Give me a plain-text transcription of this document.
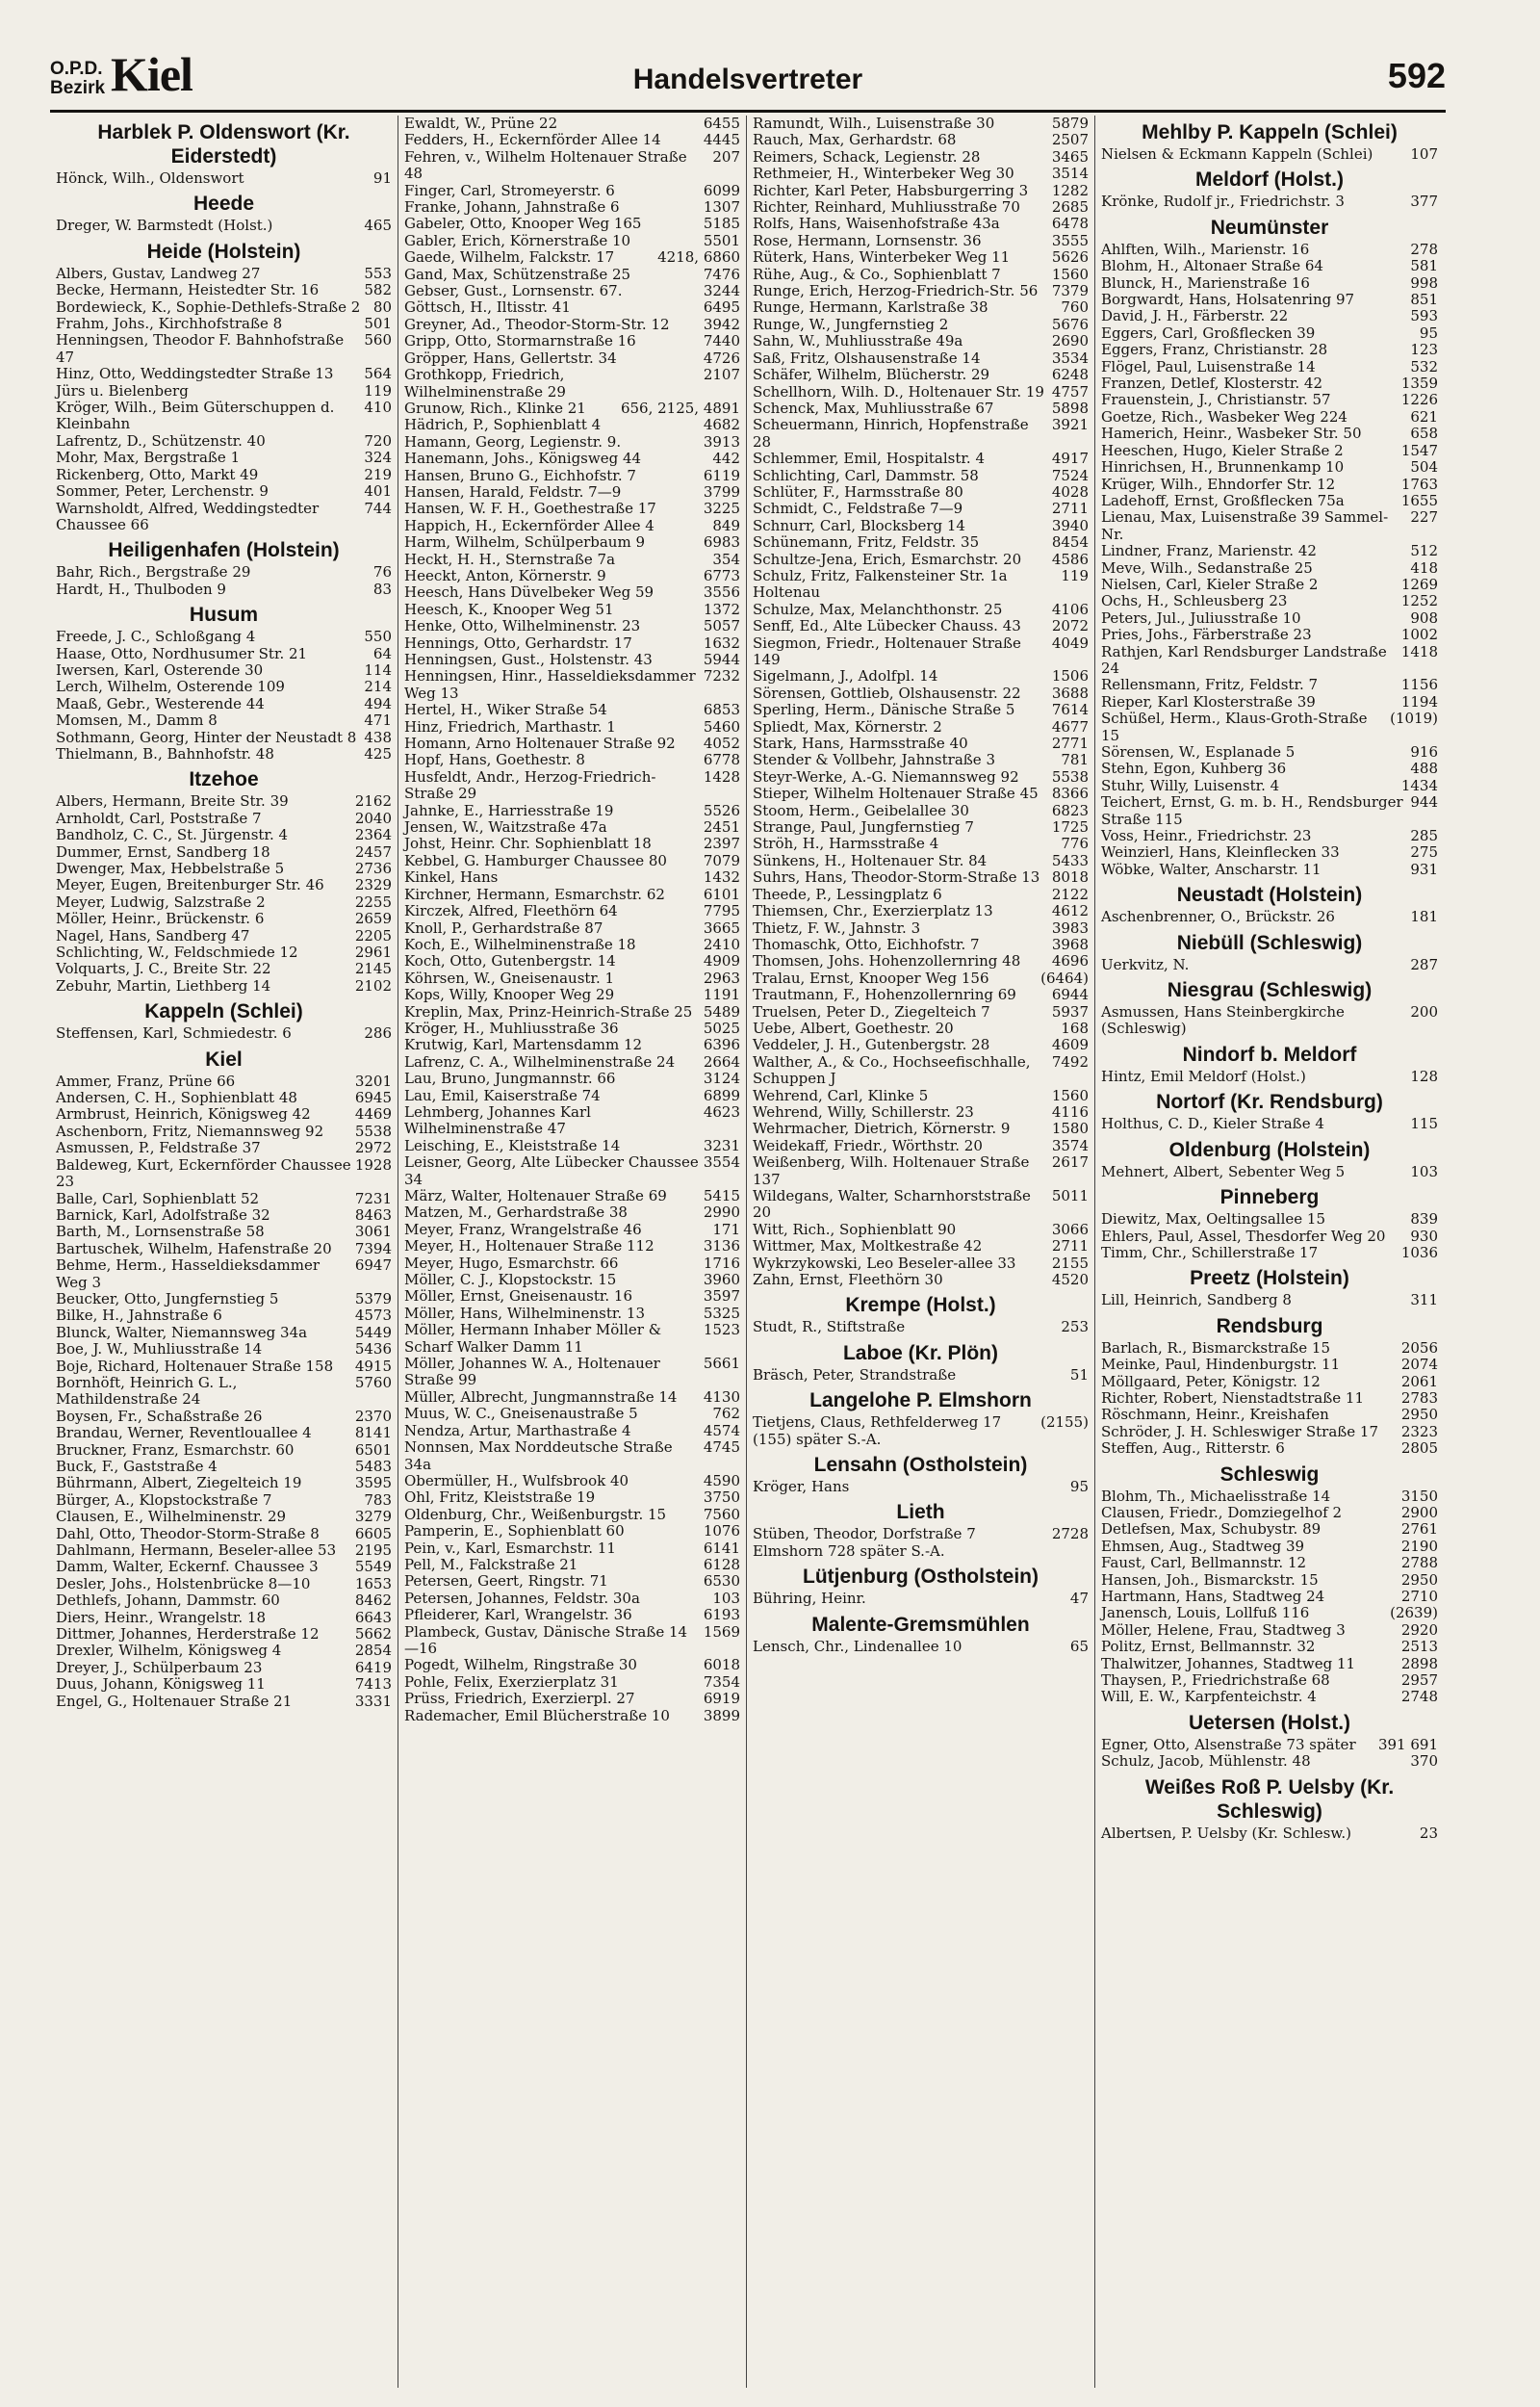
O.P.D.
Bezirk Kiel	Handelsvertreter	592
Harblek P. Oldenswort (Kr. Eiderstedt)
91
Hönck, Wilh., Oldenswort
Heede
465
Dreger, W. Barmstedt (Holst.)
Heide (Holstein)
553
Albers, Gustav, Landweg 27
582
Becke, Hermann, Heistedter Str. 16
80
Bordewieck, K., Sophie-Dethlefs-Straße 2
501
Frahm, Johs., Kirchhofstraße 8
560
Henningsen, Theodor F. Bahnhofstraße 47
564
Hinz, Otto, Weddingstedter Straße 13
119
Jürs u. Bielenberg
410
Kröger, Wilh., Beim Güterschuppen d. Kleinbahn
720
Lafrentz, D., Schützenstr. 40
324
Mohr, Max, Bergstraße 1
219
Rickenberg, Otto, Markt 49
401
Sommer, Peter, Lerchenstr. 9
744
Warnsholdt, Alfred, Weddingstedter Chaussee 66
Heiligenhafen (Holstein)
76
Bahr, Rich., Bergstraße 29
83
Hardt, H., Thulboden 9
Husum
550
Freede, J. C., Schloßgang 4
64
Haase, Otto, Nordhusumer Str. 21
114
Iwersen, Karl, Osterende 30
214
Lerch, Wilhelm, Osterende 109
494
Maaß, Gebr., Westerende 44
471
Momsen, M., Damm 8
438
Sothmann, Georg, Hinter der Neustadt 8
425
Thielmann, B., Bahnhofstr. 48
Itzehoe
2162
Albers, Hermann, Breite Str. 39
2040
Arnholdt, Carl, Poststraße 7
2364
Bandholz, C. C., St. Jürgenstr. 4
2457
Dummer, Ernst, Sandberg 18
2736
Dwenger, Max, Hebbelstraße 5
2329
Meyer, Eugen, Breitenburger Str. 46
2255
Meyer, Ludwig, Salzstraße 2
2659
Möller, Heinr., Brückenstr. 6
2205
Nagel, Hans, Sandberg 47
2961
Schlichting, W., Feldschmiede 12
2145
Volquarts, J. C., Breite Str. 22
2102
Zebuhr, Martin, Liethberg 14
Kappeln (Schlei)
286
Steffensen, Karl, Schmiedestr. 6
Kiel
3201
Ammer, Franz, Prüne 66
6945
Andersen, C. H., Sophienblatt 48
4469
Armbrust, Heinrich, Königsweg 42
5538
Aschenborn, Fritz, Niemannsweg 92
2972
Asmussen, P., Feldstraße 37
1928
Baldeweg, Kurt, Eckernförder Chaussee 23
7231
Balle, Carl, Sophienblatt 52
8463
Barnick, Karl, Adolfstraße 32
3061
Barth, M., Lornsenstraße 58
7394
Bartuschek, Wilhelm, Hafenstraße 20
6947
Behme, Herm., Hasseldieksdammer Weg 3
5379
Beucker, Otto, Jungfernstieg 5
4573
Bilke, H., Jahnstraße 6
5449
Blunck, Walter, Niemannsweg 34a
5436
Boe, J. W., Muhliusstraße 14
4915
Boje, Richard, Holtenauer Straße 158
5760
Bornhöft, Heinrich G. L., Mathildenstraße 24
2370
Boysen, Fr., Schaßstraße 26
8141
Brandau, Werner, Reventlouallee 4
6501
Bruckner, Franz, Esmarchstr. 60
5483
Buck, F., Gaststraße 4
3595
Bührmann, Albert, Ziegelteich 19
783
Bürger, A., Klopstockstraße 7
3279
Clausen, E., Wilhelminenstr. 29
6605
Dahl, Otto, Theodor-Storm-Straße 8
2195
Dahlmann, Hermann, Beseler-allee 53
5549
Damm, Walter, Eckernf. Chaussee 3
1653
Desler, Johs., Holstenbrücke 8—10
8462
Dethlefs, Johann, Dammstr. 60
6643
Diers, Heinr., Wrangelstr. 18
5662
Dittmer, Johannes, Herderstraße 12
2854
Drexler, Wilhelm, Königsweg 4
6419
Dreyer, J., Schülperbaum 23
7413
Duus, Johann, Königsweg 11
3331
Engel, G., Holtenauer Straße 21
6455
Ewaldt, W., Prüne 22
4445
Fedders, H., Eckernförder Allee 14
207
Fehren, v., Wilhelm Holtenauer Straße 48
6099
Finger, Carl, Stromeyerstr. 6
1307
Franke, Johann, Jahnstraße 6
5185
Gabeler, Otto, Knooper Weg 165
5501
Gabler, Erich, Körnerstraße 10
4218, 6860
Gaede, Wilhelm, Falckstr. 17
7476
Gand, Max, Schützenstraße 25
3244
Gebser, Gust., Lornsenstr. 67.
6495
Göttsch, H., Iltisstr. 41
3942
Greyner, Ad., Theodor-Storm-Str. 12
7440
Gripp, Otto, Stormarnstraße 16
4726
Gröpper, Hans, Gellertstr. 34
2107
Grothkopp, Friedrich, Wilhelminenstraße 29
656, 2125, 4891
Grunow, Rich., Klinke 21
4682
Hädrich, P., Sophienblatt 4
3913
Hamann, Georg, Legienstr. 9.
442
Hanemann, Johs., Königsweg 44
6119
Hansen, Bruno G., Eichhofstr. 7
3799
Hansen, Harald, Feldstr. 7—9
3225
Hansen, W. F. H., Goethestraße 17
849
Happich, H., Eckernförder Allee 4
6983
Harm, Wilhelm, Schülperbaum 9
354
Heckt, H. H., Sternstraße 7a
6773
Heeckt, Anton, Körnerstr. 9
3556
Heesch, Hans Düvelbeker Weg 59
1372
Heesch, K., Knooper Weg 51
5057
Henke, Otto, Wilhelminenstr. 23
1632
Hennings, Otto, Gerhardstr. 17
5944
Henningsen, Gust., Holstenstr. 43
7232
Henningsen, Hinr., Hasseldieksdammer Weg 13
6853
Hertel, H., Wiker Straße 54
5460
Hinz, Friedrich, Marthastr. 1
4052
Homann, Arno Holtenauer Straße 92
6778
Hopf, Hans, Goethestr. 8
1428
Husfeldt, Andr., Herzog-Friedrich-Straße 29
5526
Jahnke, E., Harriesstraße 19
2451
Jensen, W., Waitzstraße 47a
2397
Johst, Heinr. Chr. Sophienblatt 18
7079
Kebbel, G. Hamburger Chaussee 80
1432
Kinkel, Hans
6101
Kirchner, Hermann, Esmarchstr. 62
7795
Kirczek, Alfred, Fleethörn 64
3665
Knoll, P., Gerhardstraße 87
2410
Koch, E., Wilhelminenstraße 18
4909
Koch, Otto, Gutenbergstr. 14
2963
Köhrsen, W., Gneisenaustr. 1
1191
Kops, Willy, Knooper Weg 29
5489
Kreplin, Max, Prinz-Heinrich-Straße 25
5025
Kröger, H., Muhliusstraße 36
6396
Krutwig, Karl, Martensdamm 12
2664
Lafrenz, C. A., Wilhelminenstraße 24
3124
Lau, Bruno, Jungmannstr. 66
6899
Lau, Emil, Kaiserstraße 74
4623
Lehmberg, Johannes Karl Wilhelminenstraße 47
3231
Leisching, E., Kleiststraße 14
3554
Leisner, Georg, Alte Lübecker Chaussee 34
5415
März, Walter, Holtenauer Straße 69
2990
Matzen, M., Gerhardstraße 38
171
Meyer, Franz, Wrangelstraße 46
3136
Meyer, H., Holtenauer Straße 112
1716
Meyer, Hugo, Esmarchstr. 66
3960
Möller, C. J., Klopstockstr. 15
3597
Möller, Ernst, Gneisenaustr. 16
5325
Möller, Hans, Wilhelminenstr. 13
1523
Möller, Hermann Inhaber Möller & Scharf Walker Damm 11
5661
Möller, Johannes W. A., Holtenauer Straße 99
4130
Müller, Albrecht, Jungmannstraße 14
762
Muus, W. C., Gneisenaustraße 5
4574
Nendza, Artur, Marthastraße 4
4745
Nonnsen, Max Norddeutsche Straße 34a
4590
Obermüller, H., Wulfsbrook 40
3750
Ohl, Fritz, Kleiststraße 19
7560
Oldenburg, Chr., Weißenburgstr. 15
1076
Pamperin, E., Sophienblatt 60
6141
Pein, v., Karl, Esmarchstr. 11
6128
Pell, M., Falckstraße 21
6530
Petersen, Geert, Ringstr. 71
103
Petersen, Johannes, Feldstr. 30a
6193
Pfleiderer, Karl, Wrangelstr. 36
1569
Plambeck, Gustav, Dänische Straße 14—16
6018
Pogedt, Wilhelm, Ringstraße 30
7354
Pohle, Felix, Exerzierplatz 31
6919
Prüss, Friedrich, Exerzierpl. 27
3899
Rademacher, Emil Blücherstraße 10
5879
Ramundt, Wilh., Luisenstraße 30
2507
Rauch, Max, Gerhardstr. 68
3465
Reimers, Schack, Legienstr. 28
3514
Rethmeier, H., Winterbeker Weg 30
1282
Richter, Karl Peter, Habsburgerring 3
2685
Richter, Reinhard, Muhliusstraße 70
6478
Rolfs, Hans, Waisenhofstraße 43a
3555
Rose, Hermann, Lornsenstr. 36
5626
Rüterk, Hans, Winterbeker Weg 11
1560
Rühe, Aug., & Co., Sophienblatt 7
7379
Runge, Erich, Herzog-Friedrich-Str. 56
760
Runge, Hermann, Karlstraße 38
5676
Runge, W., Jungfernstieg 2
2690
Sahn, W., Muhliusstraße 49a
3534
Saß, Fritz, Olshausenstraße 14
6248
Schäfer, Wilhelm, Blücherstr. 29
4757
Schellhorn, Wilh. D., Holtenauer Str. 19
5898
Schenck, Max, Muhliusstraße 67
3921
Scheuermann, Hinrich, Hopfenstraße 28
4917
Schlemmer, Emil, Hospitalstr. 4
7524
Schlichting, Carl, Dammstr. 58
4028
Schlüter, F., Harmsstraße 80
2711
Schmidt, C., Feldstraße 7—9
3940
Schnurr, Carl, Blocksberg 14
8454
Schünemann, Fritz, Feldstr. 35
4586
Schultze-Jena, Erich, Esmarchstr. 20
119
Schulz, Fritz, Falkensteiner Str. 1a Holtenau
4106
Schulze, Max, Melanchthonstr. 25
2072
Senff, Ed., Alte Lübecker Chauss. 43
4049
Siegmon, Friedr., Holtenauer Straße 149
1506
Sigelmann, J., Adolfpl. 14
3688
Sörensen, Gottlieb, Olshausenstr. 22
7614
Sperling, Herm., Dänische Straße 5
4677
Spliedt, Max, Körnerstr. 2
2771
Stark, Hans, Harmsstraße 40
781
Stender & Vollbehr, Jahnstraße 3
5538
Steyr-Werke, A.-G. Niemannsweg 92
8366
Stieper, Wilhelm Holtenauer Straße 45
6823
Stoom, Herm., Geibelallee 30
1725
Strange, Paul, Jungfernstieg 7
776
Ströh, H., Harmsstraße 4
5433
Sünkens, H., Holtenauer Str. 84
8018
Suhrs, Hans, Theodor-Storm-Straße 13
2122
Theede, P., Lessingplatz 6
4612
Thiemsen, Chr., Exerzierplatz 13
3983
Thietz, F. W., Jahnstr. 3
3968
Thomaschk, Otto, Eichhofstr. 7
4696
Thomsen, Johs. Hohenzollernring 48
(6464)
Tralau, Ernst, Knooper Weg 156
6944
Trautmann, F., Hohenzollernring 69
5937
Truelsen, Peter D., Ziegelteich 7
168
Uebe, Albert, Goethestr. 20
4609
Veddeler, J. H., Gutenbergstr. 28
7492
Walther, A., & Co., Hochseefischhalle, Schuppen J
1560
Wehrend, Carl, Klinke 5
4116
Wehrend, Willy, Schillerstr. 23
1580
Wehrmacher, Dietrich, Körnerstr. 9
3574
Weidekaff, Friedr., Wörthstr. 20
2617
Weißenberg, Wilh. Holtenauer Straße 137
5011
Wildegans, Walter, Scharnhorststraße 20
3066
Witt, Rich., Sophienblatt 90
2711
Wittmer, Max, Moltkestraße 42
2155
Wykrzykowski, Leo Beseler-allee 33
4520
Zahn, Ernst, Fleethörn 30
Krempe (Holst.)
253
Studt, R., Stiftstraße
Laboe (Kr. Plön)
51
Bräsch, Peter, Strandstraße
Langelohe P. Elmshorn
(2155)
Tietjens, Claus, Rethfelderweg 17 (155) später S.-A.
Lensahn (Ostholstein)
95
Kröger, Hans
Lieth
2728
Stüben, Theodor, Dorfstraße 7 Elmshorn 728 später S.-A.
Lütjenburg (Ostholstein)
47
Bühring, Heinr.
Malente-Gremsmühlen
65
Lensch, Chr., Lindenallee 10
Mehlby P. Kappeln (Schlei)
107
Nielsen & Eckmann Kappeln (Schlei)
Meldorf (Holst.)
377
Krönke, Rudolf jr., Friedrichstr. 3
Neumünster
278
Ahlften, Wilh., Marienstr. 16
581
Blohm, H., Altonaer Straße 64
998
Blunck, H., Marienstraße 16
851
Borgwardt, Hans, Holsatenring 97
593
David, J. H., Färberstr. 22
95
Eggers, Carl, Großflecken 39
123
Eggers, Franz, Christianstr. 28
532
Flögel, Paul, Luisenstraße 14
1359
Franzen, Detlef, Klosterstr. 42
1226
Frauenstein, J., Christianstr. 57
621
Goetze, Rich., Wasbeker Weg 224
658
Hamerich, Heinr., Wasbeker Str. 50
1547
Heeschen, Hugo, Kieler Straße 2
504
Hinrichsen, H., Brunnenkamp 10
1763
Krüger, Wilh., Ehndorfer Str. 12
1655
Ladehoff, Ernst, Großflecken 75a
227
Lienau, Max, Luisenstraße 39 Sammel-Nr.
512
Lindner, Franz, Marienstr. 42
418
Meve, Wilh., Sedanstraße 25
1269
Nielsen, Carl, Kieler Straße 2
1252
Ochs, H., Schleusberg 23
908
Peters, Jul., Juliusstraße 10
1002
Pries, Johs., Färberstraße 23
1418
Rathjen, Karl Rendsburger Landstraße 24
1156
Rellensmann, Fritz, Feldstr. 7
1194
Rieper, Karl Klosterstraße 39
(1019)
Schüßel, Herm., Klaus-Groth-Straße 15
916
Sörensen, W., Esplanade 5
488
Stehn, Egon, Kuhberg 36
1434
Stuhr, Willy, Luisenstr. 4
944
Teichert, Ernst, G. m. b. H., Rendsburger Straße 115
285
Voss, Heinr., Friedrichstr. 23
275
Weinzierl, Hans, Kleinflecken 33
931
Wöbke, Walter, Anscharstr. 11
Neustadt (Holstein)
181
Aschenbrenner, O., Brückstr. 26
Niebüll (Schleswig)
287
Uerkvitz, N.
Niesgrau (Schleswig)
200
Asmussen, Hans Steinbergkirche (Schleswig)
Nindorf b. Meldorf
128
Hintz, Emil Meldorf (Holst.)
Nortorf (Kr. Rendsburg)
115
Holthus, C. D., Kieler Straße 4
Oldenburg (Holstein)
103
Mehnert, Albert, Sebenter Weg 5
Pinneberg
839
Diewitz, Max, Oeltingsallee 15
930
Ehlers, Paul, Assel, Thesdorfer Weg 20
1036
Timm, Chr., Schillerstraße 17
Preetz (Holstein)
311
Lill, Heinrich, Sandberg 8
Rendsburg
2056
Barlach, R., Bismarckstraße 15
2074
Meinke, Paul, Hindenburgstr. 11
2061
Möllgaard, Peter, Königstr. 12
2783
Richter, Robert, Nienstadtstraße 11
2950
Röschmann, Heinr., Kreishafen
2323
Schröder, J. H. Schleswiger Straße 17
2805
Steffen, Aug., Ritterstr. 6
Schleswig
3150
Blohm, Th., Michaelisstraße 14
2900
Clausen, Friedr., Domziegelhof 2
2761
Detlefsen, Max, Schubystr. 89
2190
Ehmsen, Aug., Stadtweg 39
2788
Faust, Carl, Bellmannstr. 12
2950
Hansen, Joh., Bismarckstr. 15
2710
Hartmann, Hans, Stadtweg 24
(2639)
Janensch, Louis, Lollfuß 116
2920
Möller, Helene, Frau, Stadtweg 3
2513
Politz, Ernst, Bellmannstr. 32
2898
Thalwitzer, Johannes, Stadtweg 11
2957
Thaysen, P., Friedrichstraße 68
2748
Will, E. W., Karpfenteichstr. 4
Uetersen (Holst.)
391 691
Egner, Otto, Alsenstraße 73 später
370
Schulz, Jacob, Mühlenstr. 48
Weißes Roß P. Uelsby (Kr. Schleswig)
23
Albertsen, P. Uelsby (Kr. Schlesw.)
